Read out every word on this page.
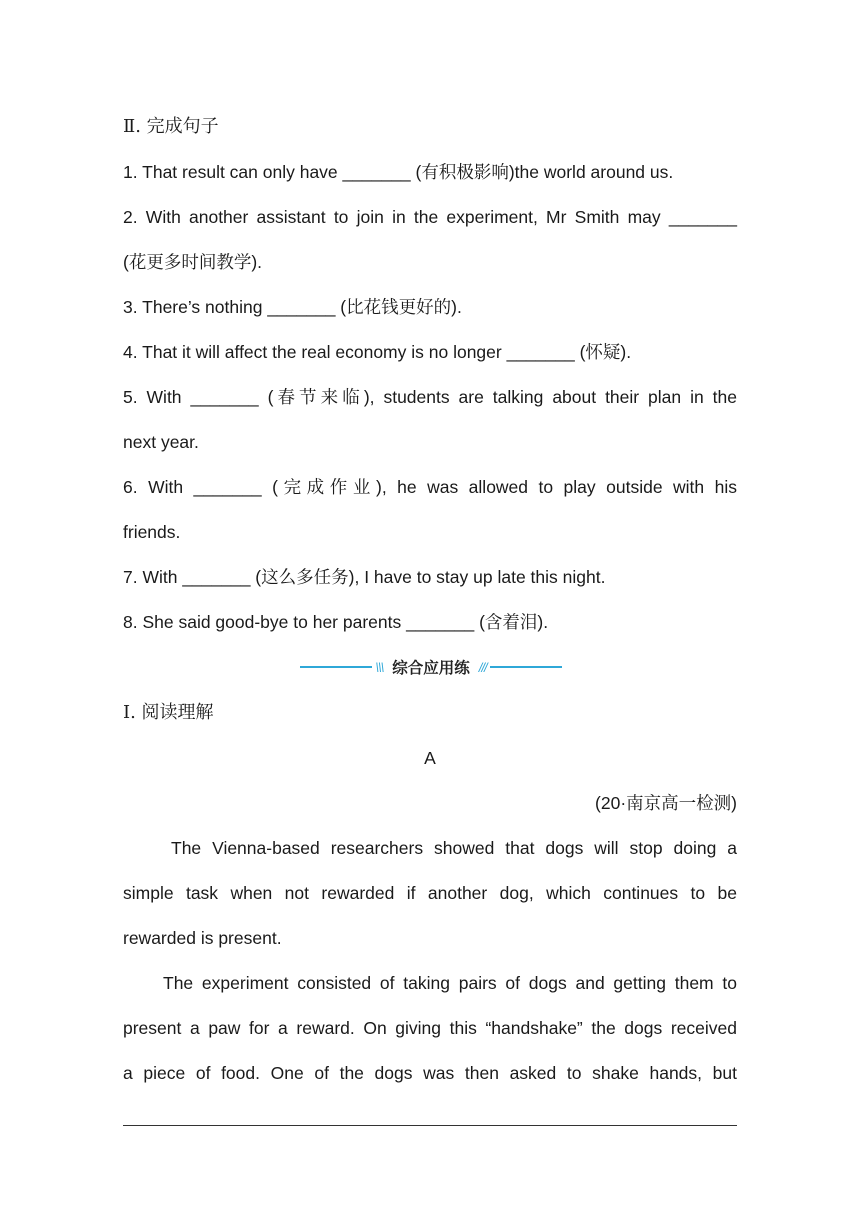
Ⅱ. 完成句子
1. That result can only have _______ (有积极影响)the world around us.
2. With another assistant to join in the experiment, Mr Smith may _______
(花更多时间教学).
3. There’s nothing _______ (比花钱更好的).
4. That it will affect the real economy is no longer _______ (怀疑).
5. With _______ (春节来临), students are talking about their plan in the
next year.
6. With _______ (完成作业), he was allowed to play outside with his
friends.
7. With _______ (这么多任务), I have to stay up late this night.
8. She said good-bye to her parents _______ (含着泪).
Ⅰ. 阅读理解
A
(20·南京高一检测)
The Vienna-based researchers showed that dogs will stop doing a
simple task when not rewarded if another dog, which continues to be
rewarded is present.
The experiment consisted of taking pairs of dogs and getting them to
present a paw for a reward. On giving this “handshake” the dogs received
a piece of food. One of the dogs was then asked to shake hands, but
\\\ 综合应用练 ///
